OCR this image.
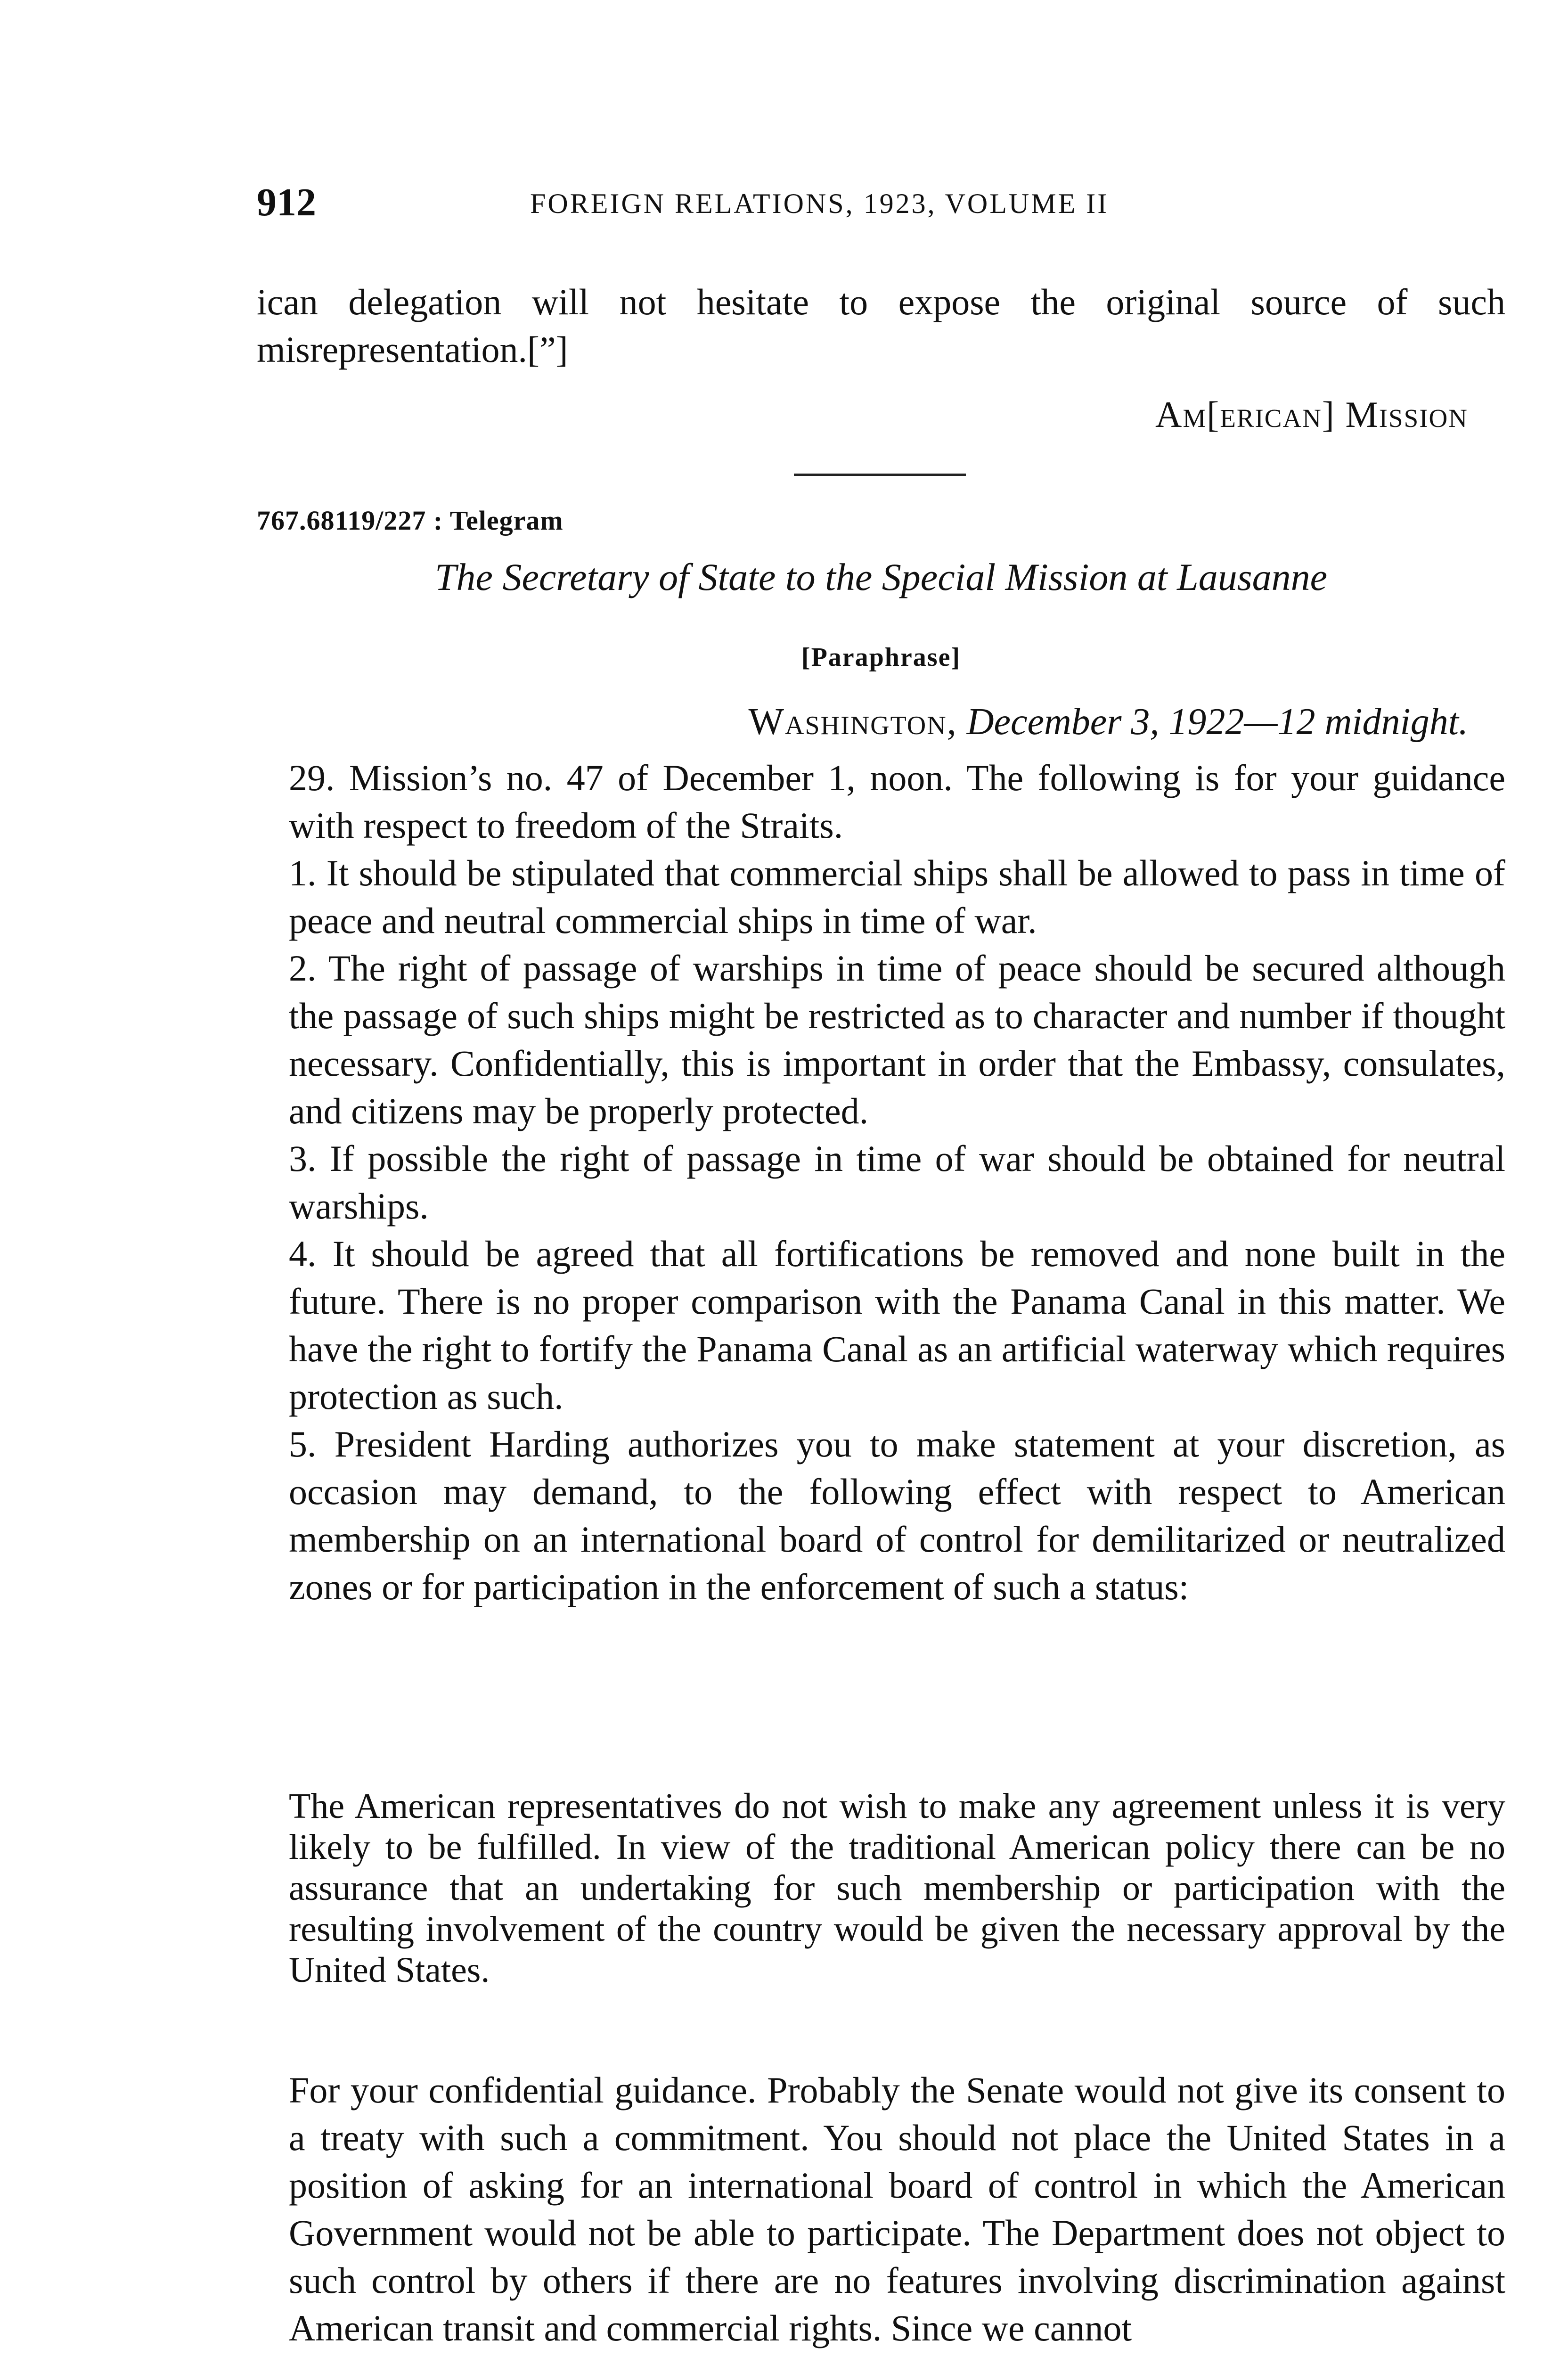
912	FOREIGN RELATIONS, 1923, VOLUME II

ican delegation will not hesitate to expose the original source of such misrepresentation.[”]

Am[erican] Mission
767.68119/227 : Telegram
The Secretary of State to the Special Mission at Lausanne
[Paraphrase]
Washington, December 3, 1922—12 midnight.

29. Mission’s no. 47 of December 1, noon. The following is for your guidance with respect to freedom of the Straits.

1. It should be stipulated that commercial ships shall be allowed to pass in time of peace and neutral commercial ships in time of war.

2. The right of passage of warships in time of peace should be secured although the passage of such ships might be restricted as to character and number if thought necessary. Confidentially, this is important in order that the Embassy, consulates, and citizens may be properly protected.

3. If possible the right of passage in time of war should be obtained for neutral warships.

4. It should be agreed that all fortifications be removed and none built in the future. There is no proper comparison with the Panama Canal in this matter. We have the right to fortify the Panama Canal as an artificial waterway which requires protection as such.

5. President Harding authorizes you to make statement at your discretion, as occasion may demand, to the following effect with respect to American membership on an international board of control for demilitarized or neutralized zones or for participation in the enforcement of such a status:

The American representatives do not wish to make any agreement unless it is very likely to be fulfilled. In view of the traditional American policy there can be no assurance that an undertaking for such membership or participation with the resulting involvement of the country would be given the necessary approval by the United States.

For your confidential guidance. Probably the Senate would not give its consent to a treaty with such a commitment. You should not place the United States in a position of asking for an international board of control in which the American Government would not be able to participate. The Department does not object to such control by others if there are no features involving discrimination against American transit and commercial rights. Since we cannot
